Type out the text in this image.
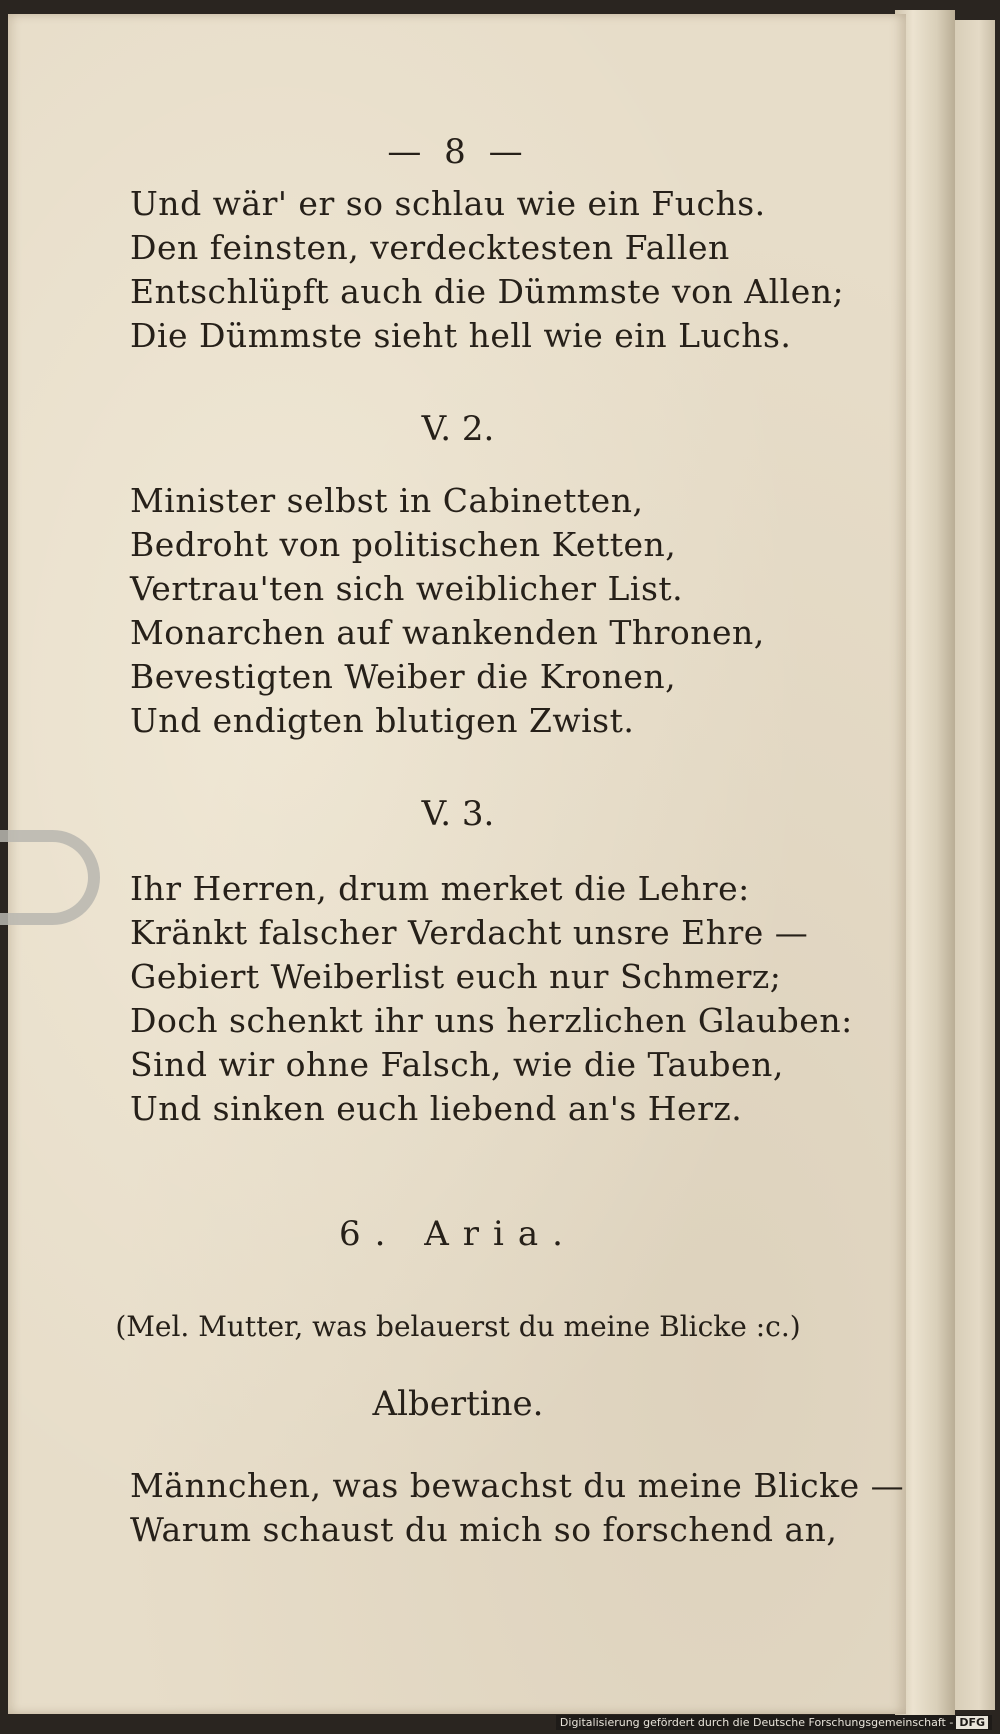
— 8 —
Und wär' er so schlau wie ein Fuchs.
Den feinsten, verdecktesten Fallen
Entschlüpft auch die Dümmste von Allen;
Die Dümmste sieht hell wie ein Luchs.
V. 2.
Minister selbst in Cabinetten,
Bedroht von politischen Ketten,
Vertrau'ten sich weiblicher List.
Monarchen auf wankenden Thronen,
Bevestigten Weiber die Kronen,
Und endigten blutigen Zwist.
V. 3.
Ihr Herren, drum merket die Lehre:
Kränkt falscher Verdacht unsre Ehre —
Gebiert Weiberlist euch nur Schmerz;
Doch schenkt ihr uns herzlichen Glauben:
Sind wir ohne Falsch, wie die Tauben,
Und sinken euch liebend an's Herz.
6. Aria.
(Mel. Mutter, was belauerst du meine Blicke :c.)
Albertine.
Männchen, was bewachst du meine Blicke —
Warum schaust du mich so forschend an,
Digitalisierung gefördert durch die Deutsche Forschungsgemeinschaft - DFG
